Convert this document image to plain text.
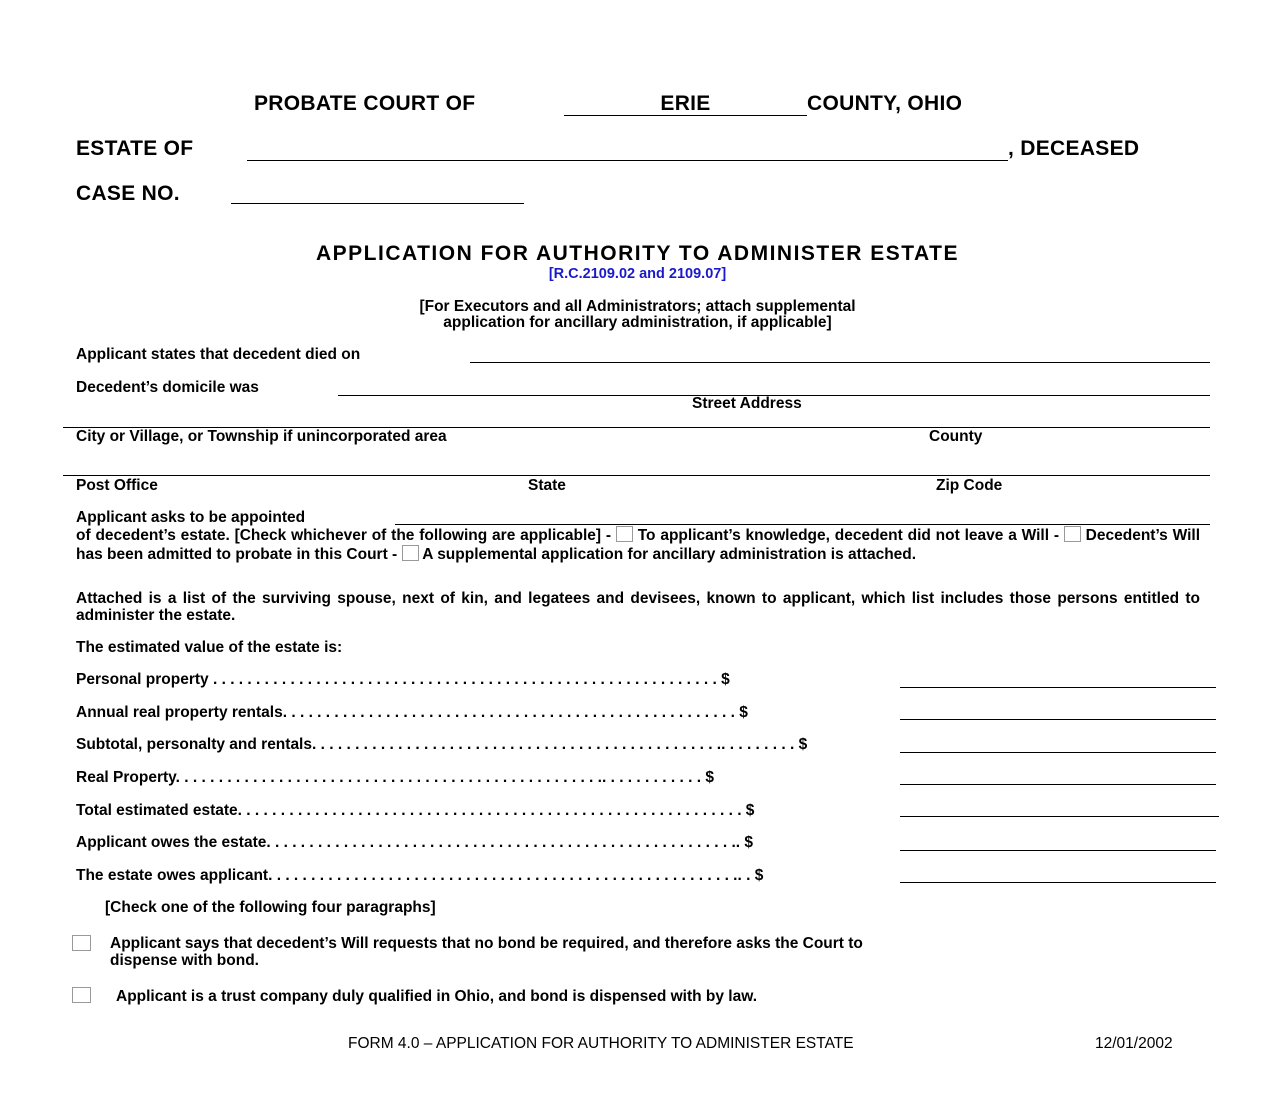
PROBATE COURT OF	ERIE	COUNTY, OHIO
ESTATE OF	, DECEASED
CASE NO.
APPLICATION FOR AUTHORITY TO ADMINISTER ESTATE
[R.C.2109.02 and 2109.07]
[For Executors and all Administrators; attach supplemental
application for ancillary administration, if applicable]
Applicant states that decedent died on
Decedent’s domicile was
Street Address
City or Village, or Township if unincorporated area	County
Post Office	State	Zip Code
Applicant asks to be appointed
of decedent’s estate. [Check whichever of the following are applicable] - To applicant’s knowledge, decedent did not leave a Will - Decedent’s Will has been admitted to probate in this Court - A supplemental application for ancillary administration is attached.
Attached is a list of the surviving spouse, next of kin, and legatees and devisees, known to applicant, which list includes those persons entitled to administer the estate.
The estimated value of the estate is:
Personal property . . . . . . . . . . . . . . . . . . . . . . . . . . . . . . . . . . . . . . . . . . . . . . . . . . . . . . . . . . . $
Annual real property rentals. . . . . . . . . . . . . . . . . . . . . . . . . . . . . . . . . . . . . . . . . . . . . . . . . . . . . $
Subtotal, personalty and rentals. . . . . . . . . . . . . . . . . . . . . . . . . . . . . . . . . . . . . . . . . . . . . . . .. . . . . . . . . $
Real Property. . . . . . . . . . . . . . . . . . . . . . . . . . . . . . . . . . . . . . . . . . . . . . . . . .. . . . . . . . . . . . $
Total estimated estate. . . . . . . . . . . . . . . . . . . . . . . . . . . . . . . . . . . . . . . . . . . . . . . . . . . . . . . . . . . $
Applicant owes the estate. . . . . . . . . . . . . . . . . . . . . . . . . . . . . . . . . . . . . . . . . . . . . . . . . . . . . . .. $
The estate owes applicant. . . . . . . . . . . . . . . . . . . . . . . . . . . . . . . . . . . . . . . . . . . . . . . . . . . . . . .. . $
[Check one of the following four paragraphs]
Applicant says that decedent’s Will requests that no bond be required, and therefore asks the Court to
dispense with bond.
Applicant is a trust company duly qualified in Ohio, and bond is dispensed with by law.
FORM 4.0 – APPLICATION FOR AUTHORITY TO ADMINISTER ESTATE	12/01/2002
